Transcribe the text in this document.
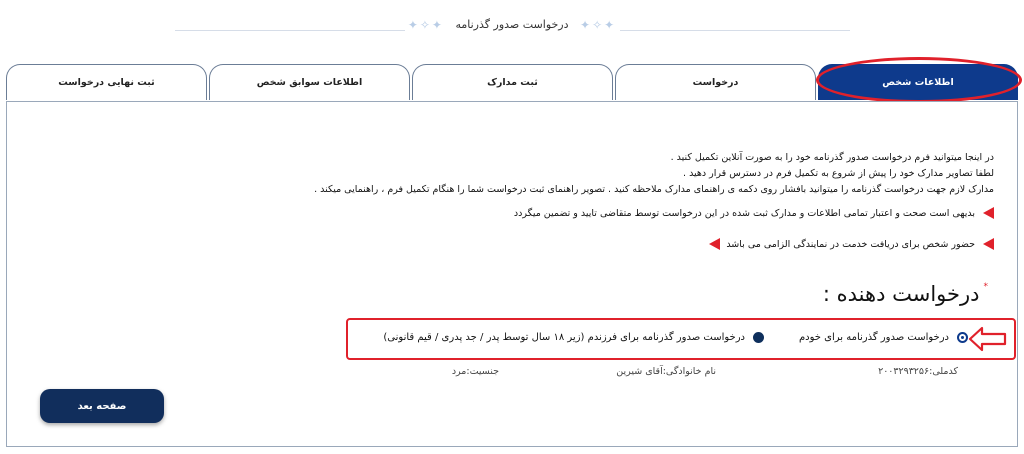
✦✧✦ درخواست صدور گذرنامه ✦✧✦
اطلاعات شخص
درخواست
ثبت مدارک
اطلاعات سوابق شخص
ثبت نهایی درخواست
در اینجا میتوانید فرم درخواست صدور گذرنامه خود را به صورت آنلاین تکمیل کنید .
لطفا تصاویر مدارک خود را پیش از شروع به تکمیل فرم در دسترس قرار دهید .
مدارک لازم جهت درخواست گذرنامه را میتوانید بافشار روی دکمه ی راهنمای مدارک ملاحظه کنید . تصویر راهنمای ثبت درخواست شما را هنگام تکمیل فرم ، راهنمایی میکند .
بدیهی است صحت و اعتبار تمامی اطلاعات و مدارک ثبت شده در این درخواست توسط متقاضی تایید و تضمین میگردد
حضور شخص برای دریافت خدمت در نمایندگی الزامی می باشد
*درخواست دهنده :
درخواست صدور گذرنامه برای خودم
درخواست صدور گذرنامه برای فرزندم (زیر ۱۸ سال توسط پدر / جد پدری / قیم قانونی)
کدملی:۲۰۰۳۲۹۳۲۵۶
نام خانوادگی:آقای شیرین
جنسیت:مرد
صفحه بعد
